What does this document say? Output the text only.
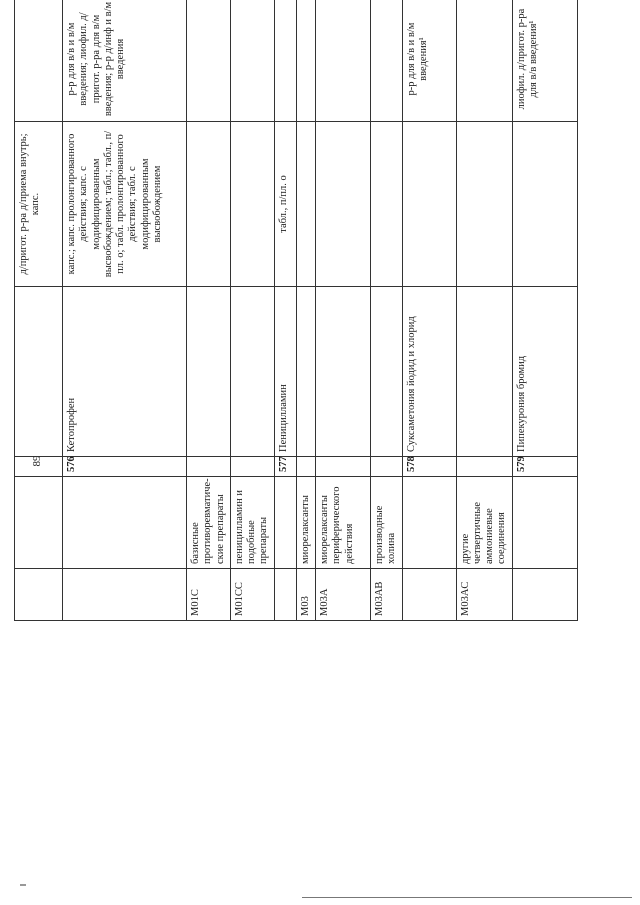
89
				д/пригот. р-ра д/приема внутрь; капс.			
		576	Кетопрофен	капс.; капс. пролонгированного действия; капс. с модифицированным высвобождением; табл.; табл., п/пл. о; табл. пролонгированного действия; табл. с модифицированным высвобождением	р-р для в/в и в/м введения; лиофил. д/пригот. р-ра для в/м введения; р-р д/инф и в/м введения		
M01C	базисные противоревматиче-ские препараты						
M01CC	пеницилламин и подобные препараты						
		577	Пеницилламин	табл., п/пл. о			
M03	миорелаксанты						
M03A	миорелаксанты периферического действия						
M03AB	производные холина						
		578	Суксаметония йодид и хлорид		р-р для в/в и в/м введения¹		
M03AC	другие четвертичные аммониевые соединения						
		579	Пипекурония бромид		лиофил. д/пригот. р-ра для в/в введения¹		
